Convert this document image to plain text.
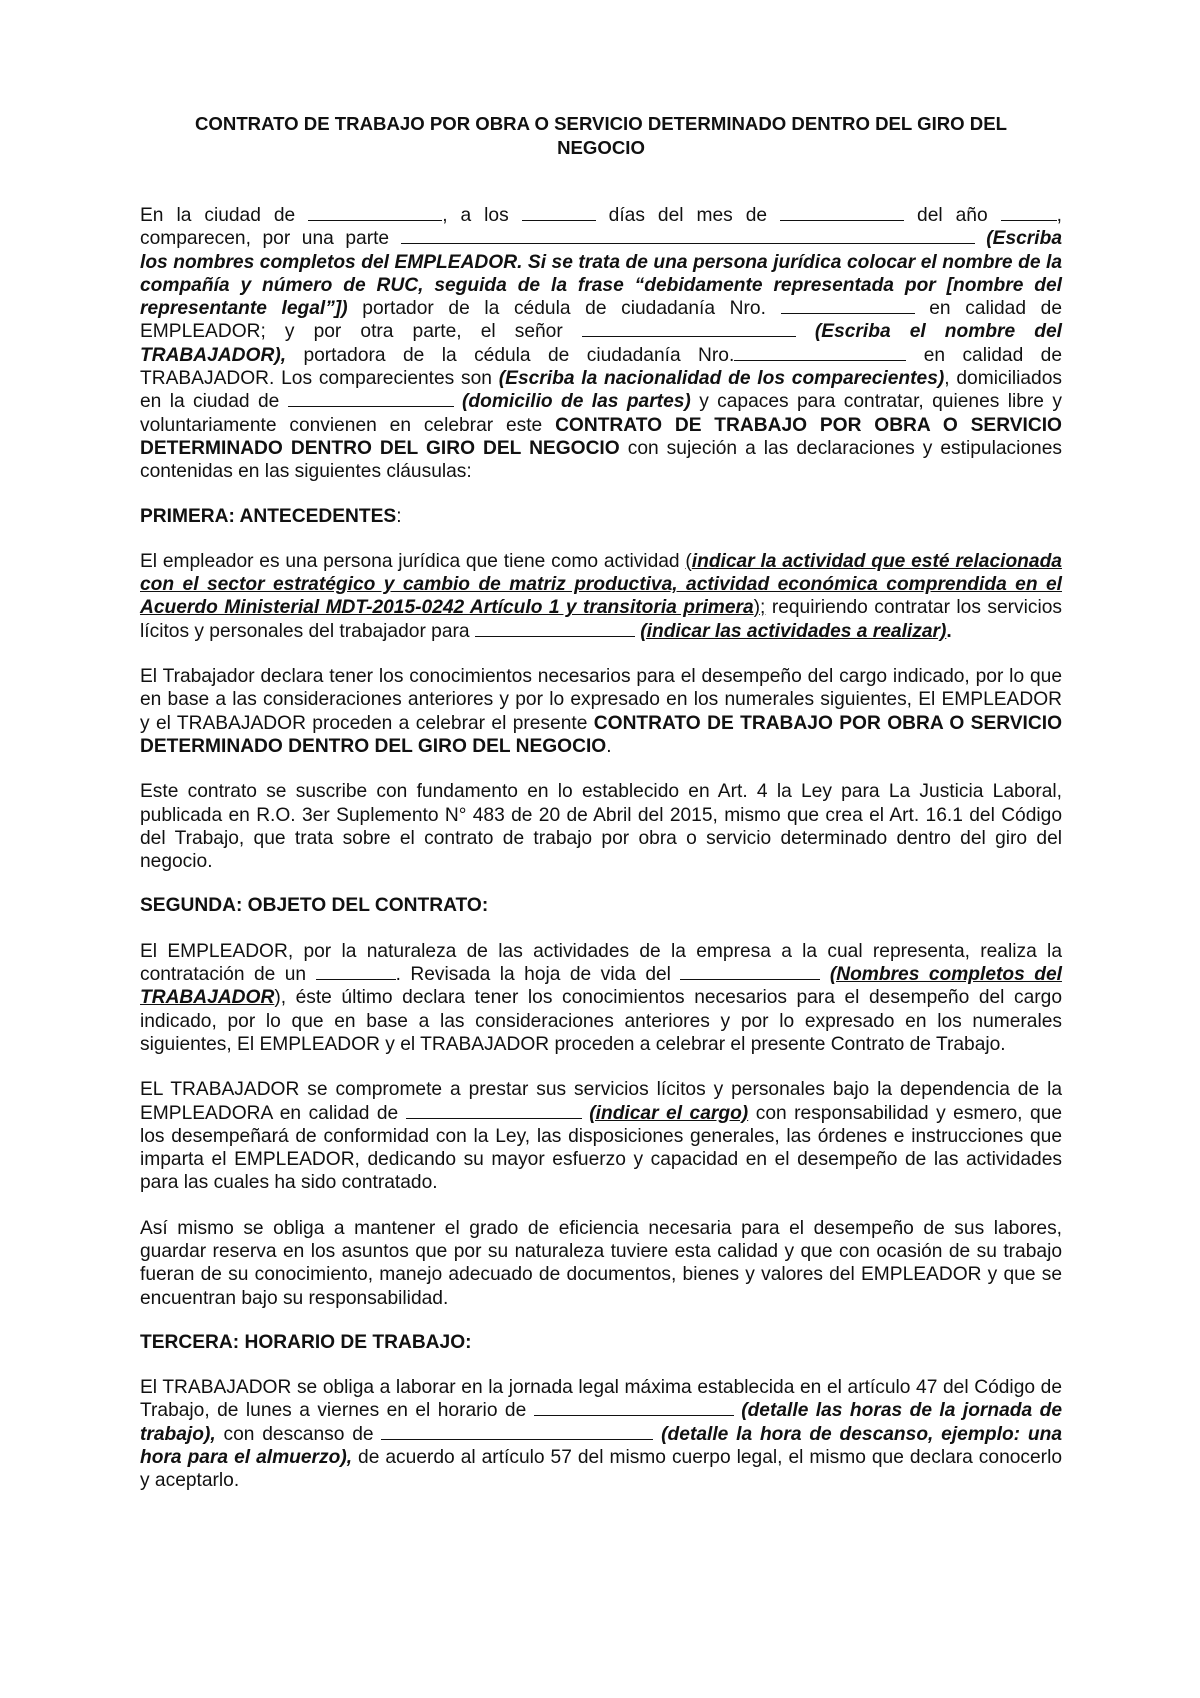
CONTRATO DE TRABAJO POR OBRA O SERVICIO DETERMINADO DENTRO DEL GIRO DEL NEGOCIO

En la ciudad de	, a los	días del mes de	del año	, comparecen, por una parte	(Escriba los nombres completos del EMPLEADOR. Si se trata de una persona jurídica colocar el nombre de la compañía y número de RUC, seguida de la frase “debidamente representada por [nombre del representante legal”]) portador de la cédula de ciudadanía Nro.	en calidad de EMPLEADOR; y por otra parte, el señor	(Escriba el nombre del TRABAJADOR), portadora de la cédula de ciudadanía Nro.	en calidad de TRABAJADOR. Los comparecientes son (Escriba la nacionalidad de los comparecientes), domiciliados en la ciudad de	(domicilio de las partes) y capaces para contratar, quienes libre y voluntariamente convienen en celebrar este CONTRATO DE TRABAJO POR OBRA O SERVICIO DETERMINADO DENTRO DEL GIRO DEL NEGOCIO con sujeción a las declaraciones y estipulaciones contenidas en las siguientes cláusulas:

PRIMERA: ANTECEDENTES:

El empleador es una persona jurídica que tiene como actividad (indicar la actividad que esté relacionada con el sector estratégico y cambio de matriz productiva, actividad económica comprendida en el Acuerdo Ministerial MDT-2015-0242 Artículo 1 y transitoria primera); requiriendo contratar los servicios lícitos y personales del trabajador para	(indicar las actividades a realizar).

El Trabajador declara tener los conocimientos necesarios para el desempeño del cargo indicado, por lo que en base a las consideraciones anteriores y por lo expresado en los numerales siguientes, El EMPLEADOR y el TRABAJADOR proceden a celebrar el presente CONTRATO DE TRABAJO POR OBRA O SERVICIO DETERMINADO DENTRO DEL GIRO DEL NEGOCIO.

Este contrato se suscribe con fundamento en lo establecido en Art. 4 la Ley para La Justicia Laboral, publicada en R.O. 3er Suplemento N° 483 de 20 de Abril del 2015, mismo que crea el Art. 16.1 del Código del Trabajo, que trata sobre el contrato de trabajo por obra o servicio determinado dentro del giro del negocio.

SEGUNDA: OBJETO DEL CONTRATO:

El EMPLEADOR, por la naturaleza de las actividades de la empresa a la cual representa, realiza la contratación de un	. Revisada la hoja de vida del	(Nombres completos del TRABAJADOR), éste último declara tener los conocimientos necesarios para el desempeño del cargo indicado, por lo que en base a las consideraciones anteriores y por lo expresado en los numerales siguientes, El EMPLEADOR y el TRABAJADOR proceden a celebrar el presente Contrato de Trabajo.

EL TRABAJADOR se compromete a prestar sus servicios lícitos y personales bajo la dependencia de la EMPLEADORA en calidad de	(indicar el cargo) con responsabilidad y esmero, que los desempeñará de conformidad con la Ley, las disposiciones generales, las órdenes e instrucciones que imparta el EMPLEADOR, dedicando su mayor esfuerzo y capacidad en el desempeño de las actividades para las cuales ha sido contratado.

Así mismo se obliga a mantener el grado de eficiencia necesaria para el desempeño de sus labores, guardar reserva en los asuntos que por su naturaleza tuviere esta calidad y que con ocasión de su trabajo fueran de su conocimiento, manejo adecuado de documentos, bienes y valores del EMPLEADOR y que se encuentran bajo su responsabilidad.

TERCERA: HORARIO DE TRABAJO:

El TRABAJADOR se obliga a laborar en la jornada legal máxima establecida en el artículo 47 del Código de Trabajo, de lunes a viernes en el horario de	(detalle las horas de la jornada de trabajo), con descanso de	(detalle la hora de descanso, ejemplo: una hora para el almuerzo), de acuerdo al artículo 57 del mismo cuerpo legal, el mismo que declara conocerlo y aceptarlo.
